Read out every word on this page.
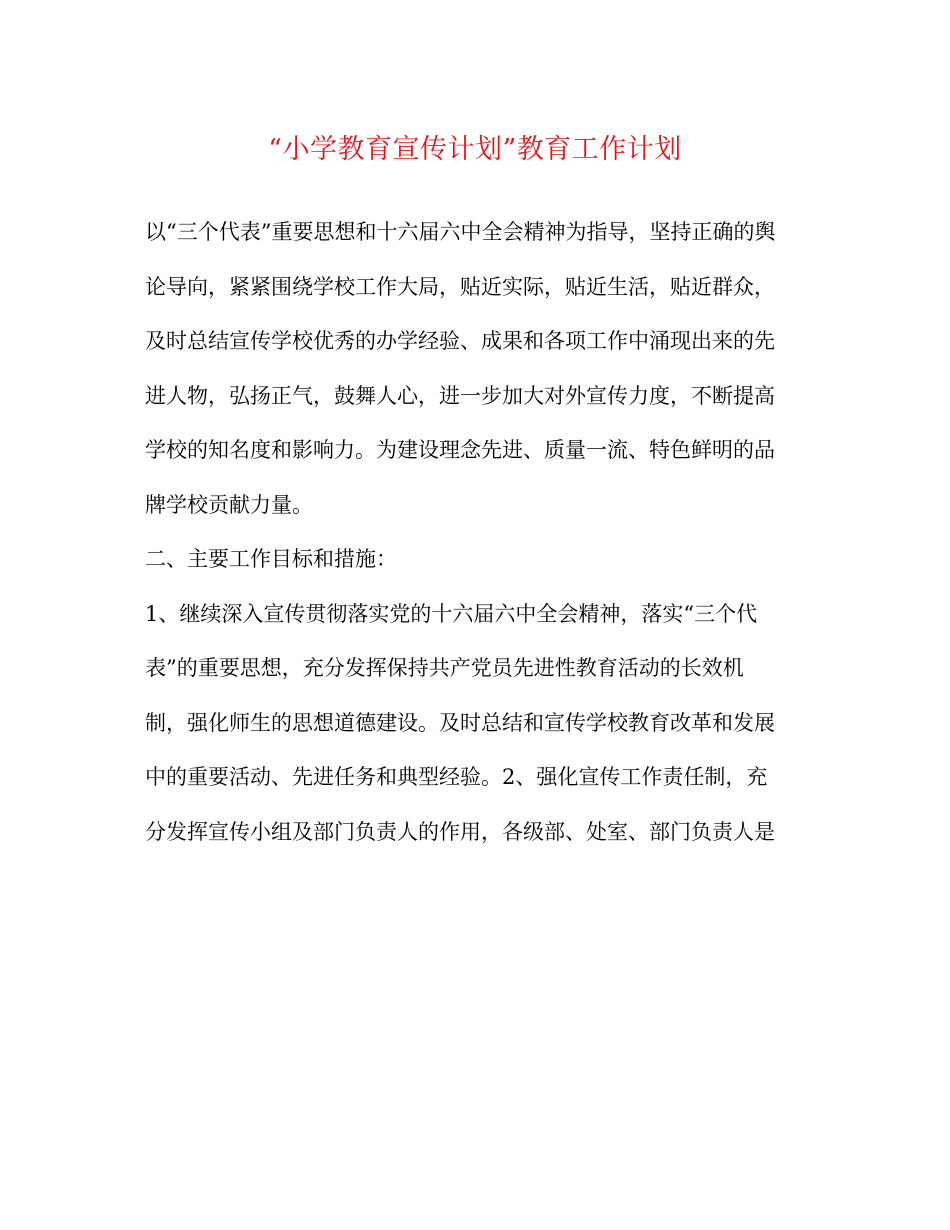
“小学教育宣传计划”教育工作计划
以“三个代表”重要思想和十六届六中全会精神为指导，坚持正确的舆
论导向，紧紧围绕学校工作大局，贴近实际，贴近生活，贴近群众，
及时总结宣传学校优秀的办学经验、成果和各项工作中涌现出来的先
进人物，弘扬正气，鼓舞人心，进一步加大对外宣传力度，不断提高
学校的知名度和影响力。为建设理念先进、质量一流、特色鲜明的品
牌学校贡献力量。
二、主要工作目标和措施：
1、继续深入宣传贯彻落实党的十六届六中全会精神，落实“三个代
表”的重要思想，充分发挥保持共产党员先进性教育活动的长效机
制，强化师生的思想道德建设。及时总结和宣传学校教育改革和发展
中的重要活动、先进任务和典型经验。2、强化宣传工作责任制，充
分发挥宣传小组及部门负责人的作用，各级部、处室、部门负责人是
